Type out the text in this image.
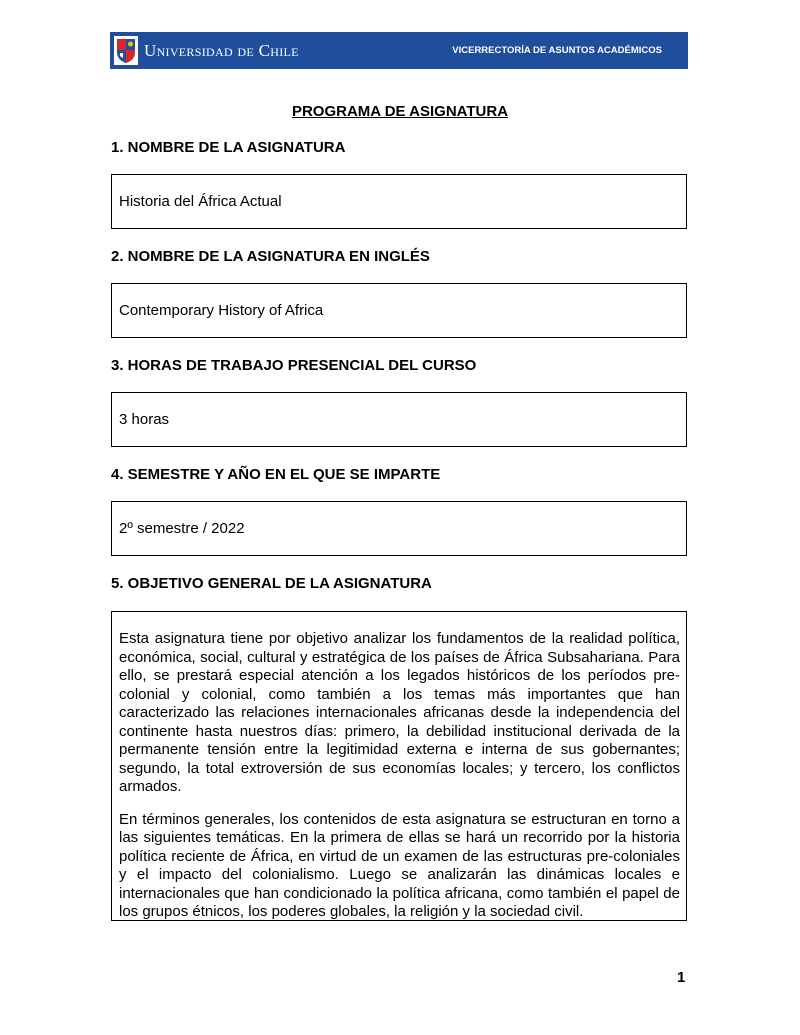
Universidad de Chile	VICERRECTORÍA DE ASUNTOS ACADÉMICOS
PROGRAMA DE ASIGNATURA
1. NOMBRE DE LA ASIGNATURA
Historia del África Actual
2. NOMBRE DE LA ASIGNATURA EN INGLÉS
Contemporary History of Africa
3. HORAS DE TRABAJO PRESENCIAL DEL CURSO
3 horas
4. SEMESTRE Y AÑO EN EL QUE SE IMPARTE
2º semestre / 2022
5. OBJETIVO GENERAL DE LA ASIGNATURA

Esta asignatura tiene por objetivo analizar los fundamentos de la realidad política, económica, social, cultural y estratégica de los países de África Subsahariana. Para ello, se prestará especial atención a los legados históricos de los períodos pre-colonial y colonial, como también a los temas más importantes que han caracterizado las relaciones internacionales africanas desde la independencia del continente hasta nuestros días: primero, la debilidad institucional derivada de la permanente tensión entre la legitimidad externa e interna de sus gobernantes; segundo, la total extroversión de sus economías locales; y tercero, los conflictos armados.

En términos generales, los contenidos de esta asignatura se estructuran en torno a las siguientes temáticas. En la primera de ellas se hará un recorrido por la historia política reciente de África, en virtud de un examen de las estructuras pre-coloniales y el impacto del colonialismo. Luego se analizarán las dinámicas locales e internacionales que han condicionado la política africana, como también el papel de los grupos étnicos, los poderes globales, la religión y la sociedad civil.

1
